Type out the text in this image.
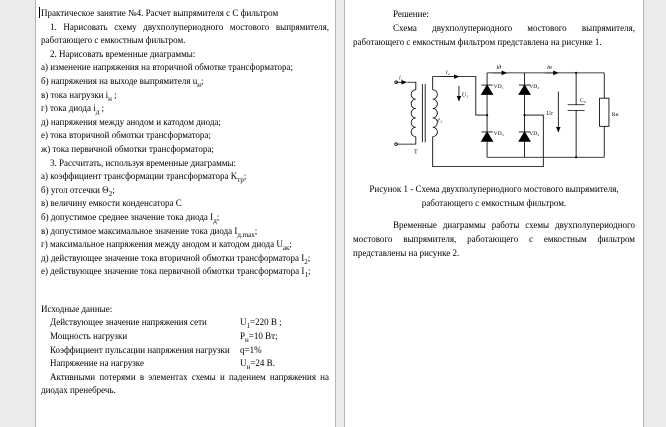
Практическое занятие №4. Расчет выпрямителя с С фильтром

1. Нарисовать схему двухполупериодного мостового выпрямителя, работающего с емкостным фильтром.

2. Нарисовать временные диаграммы:

а) изменение напряжения на вторичной обмотке трансформатора;

б) напряжения на выходе выпрямителя $u_н$;

в) тока нагрузки $i_н$ ;

г) тока диода $i_д$ ;

д) напряжения между анодом и катодом диода;

е) тока вторичной обмотки трансформатора;

ж) тока первичной обмотки трансформатора;

3. Рассчитать, используя временные диаграммы:

а) коэффициент трансформации трансформатора $K_{тр}$;

б) угол отсечки $\Theta_2$;

в) величину емкости конденсатора С

б) допустимое среднее значение тока диода $I_д$;

в) допустимое максимальное значение тока диода $I_{д.max}$;

г) максимальное напряжения между анодом и катодом диода $U_{ак}$;

д) действующее значение тока вторичной обмотки трансформатора $I_2$;

е) действующее значение тока первичной обмотки трансформатора $I_1$;

Исходные данные:

Действующее значение напряжения сети	$U_1=220$ В ;
Мощность нагрузки	$P_н=10$ Вт;
Коэффициент пульсации напряжения нагрузки	q=1%
Напряжение на нагрузке	$U_н=24$ В.

Активными потерями в элементах схемы и падением напряжения на диодах пренебречь.

Решение:

Схема двухполупериодного мостового выпрямителя, работающего с емкостным фильтром представлена на рисунке 1.

i₁
i₂
U₂
e₂
T
VD₁	VD₂
VD₃	VD₄
iд	iн
Uc
C₀
Rн

Рисунок 1 - Схема двухполупериодного мостового выпрямителя, работающего с емкостным фильтром.

Временные диаграммы работы схемы двухполупериодного мостового выпрямителя, работающего с емкостным фильтром представлены на рисунке 2.
